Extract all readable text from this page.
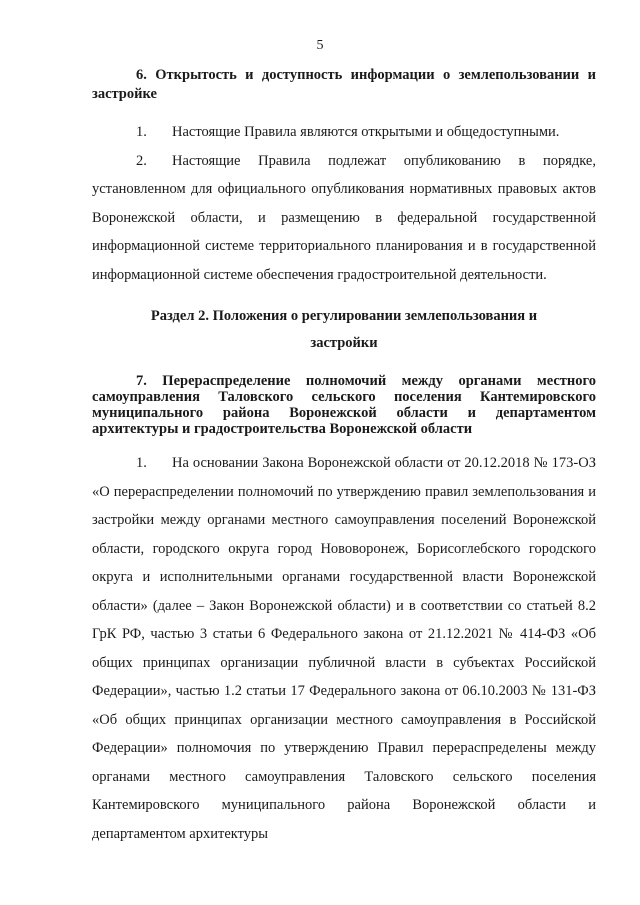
5

6. Открытость и доступность информации о землепользовании и застройке

1. Настоящие Правила являются открытыми и общедоступными.

2. Настоящие Правила подлежат опубликованию в порядке, установленном для официального опубликования нормативных правовых актов Воронежской области, и размещению в федеральной государственной информационной системе территориального планирования и в государственной информационной системе обеспечения градостроительной деятельности.

Раздел 2. Положения о регулировании землепользования и застройки

7. Перераспределение полномочий между органами местного самоуправления Таловского сельского поселения Кантемировского муниципального района Воронежской области и департаментом архитектуры и градостроительства Воронежской области

1. На основании Закона Воронежской области от 20.12.2018 № 173-ОЗ «О перераспределении полномочий по утверждению правил землепользования и застройки между органами местного самоуправления поселений Воронежской области, городского округа город Нововоронеж, Борисоглебского городского округа и исполнительными органами государственной власти Воронежской области» (далее – Закон Воронежской области) и в соответствии со статьей 8.2 ГрК РФ, частью 3 статьи 6 Федерального закона от 21.12.2021 № 414-ФЗ «Об общих принципах организации публичной власти в субъектах Российской Федерации», частью 1.2 статьи 17 Федерального закона от 06.10.2003 № 131-ФЗ «Об общих принципах организации местного самоуправления в Российской Федерации» полномочия по утверждению Правил перераспределены между органами местного самоуправления Таловского сельского поселения Кантемировского муниципального района Воронежской области и департаментом архитектуры
